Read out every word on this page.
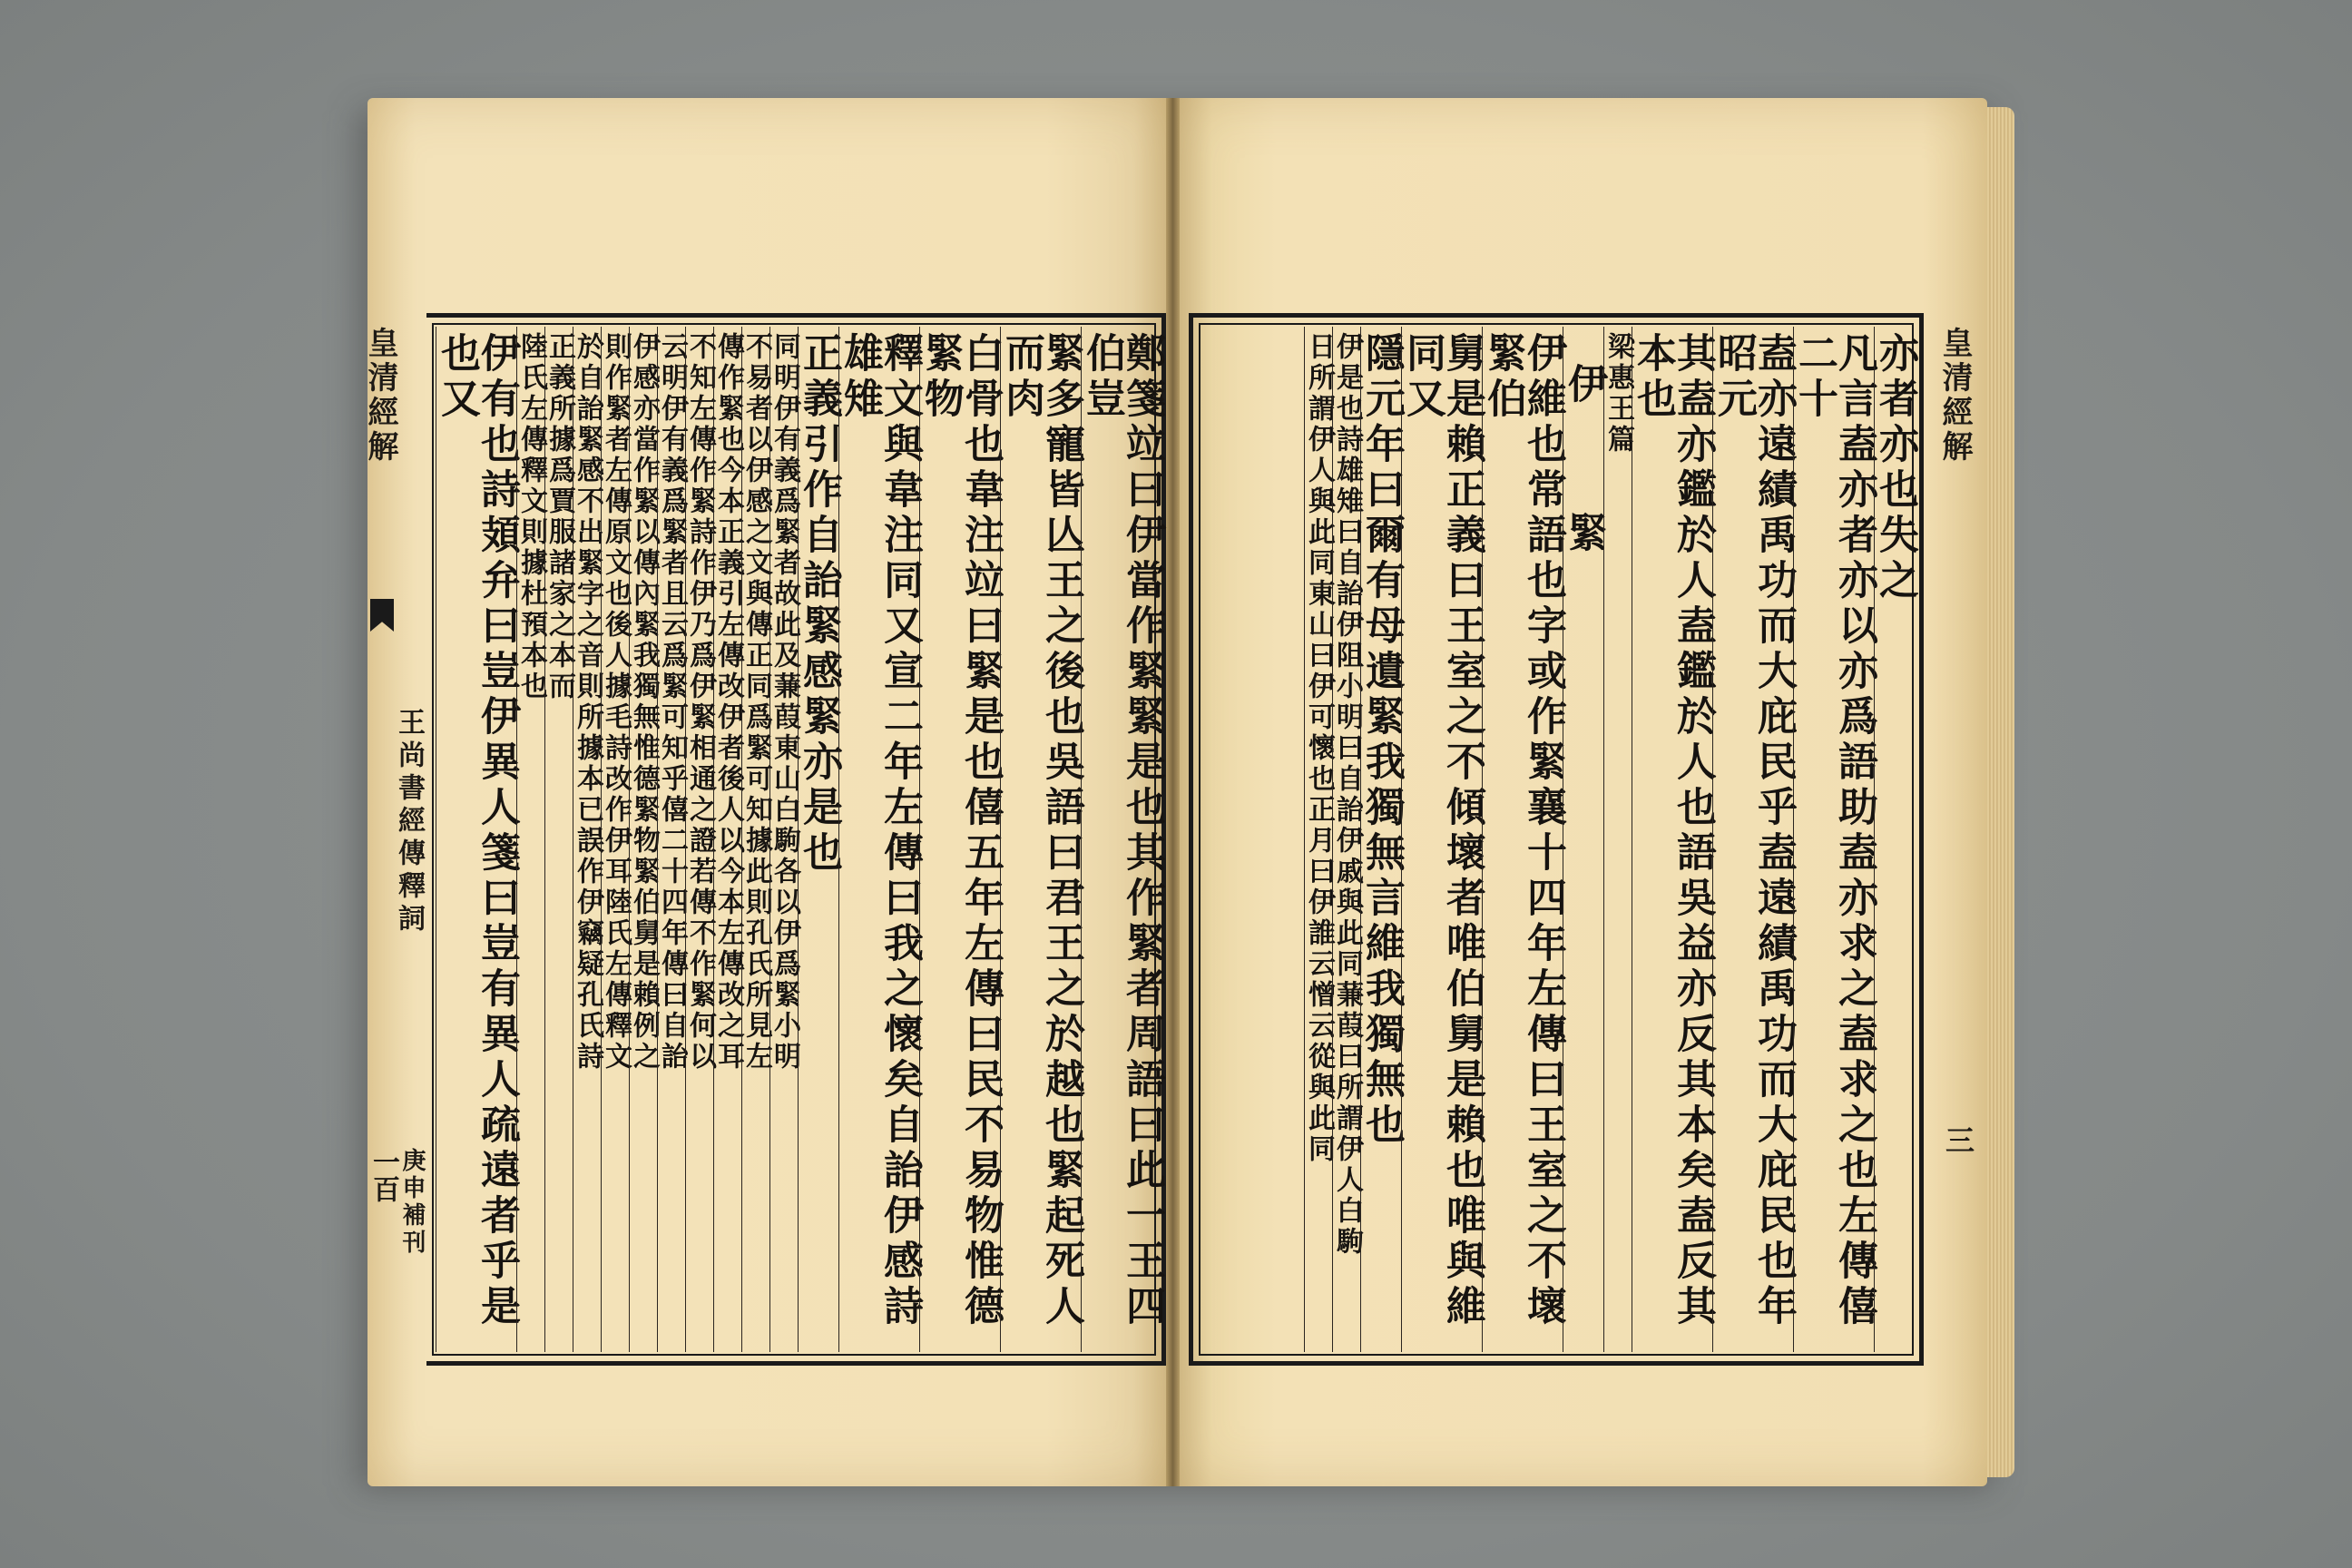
皇清經解
王尚書經傳釋詞
一百 庚申補刊
皇清經解
三
鄭箋竝曰伊當作緊緊是也其作緊者周語曰此一王四伯豈
緊多寵皆亾王之後也吳語曰君王之於越也緊起死人而肉
白骨也韋注竝曰緊是也僖五年左傳曰民不易物惟德緊物
釋文與韋注同又宣二年左傳曰我之懷矣自詒伊感詩雄雉
正義引作自詒緊感緊亦是也
同明伊有義爲緊者故此及蒹葭東山白駒各以伊爲緊小明
不易者以伊感之文與傳正同爲緊可知據此則孔氏所見左
傳作緊也今本正義引左傳改伊者後人以今本左傳改之耳
不知左傳作緊詩作伊乃爲伊緊相通之證若傳不作緊何以
云明伊有義爲緊者且云爲緊可知乎僖二十四年傳曰自詒
伊感亦當作緊以傳內緊我獨無惟德緊物緊伯舅是賴例之
則作緊者左傳原文也後人據毛詩改作伊耳陸氏左傳釋文
於自詒緊感不出緊字之音則所據本已誤作伊竊疑孔氏詩
正義所據爲賈服諸家之本而
陸氏左傳釋文則據杜預本也
伊有也詩頍弁曰豈伊異人箋曰豈有異人疏遠者乎是也又	亦者亦也失之
凡言盍亦者亦以亦爲語助盍亦求之盍求之也左傳僖二十
盍亦遠績禹功而大庇民乎盍遠績禹功而大庇民也年昭元
其盍亦鑑於人盍鑑於人也語吳益亦反其本矣盍反其本也
梁惠王篇
伊緊
伊維也常語也字或作緊襄十四年左傳曰王室之不壞緊伯
舅是賴正義曰王室之不傾壞者唯伯舅是賴也唯與維同又
隱元年曰爾有母遺緊我獨無言維我獨無也
伊是也詩雄雉曰自詒伊阻小明曰自詒伊戚與此同蒹葭曰所謂伊人白駒
日所謂伊人與此同東山曰伊可懷也正月曰伊誰云憎云從與此同
